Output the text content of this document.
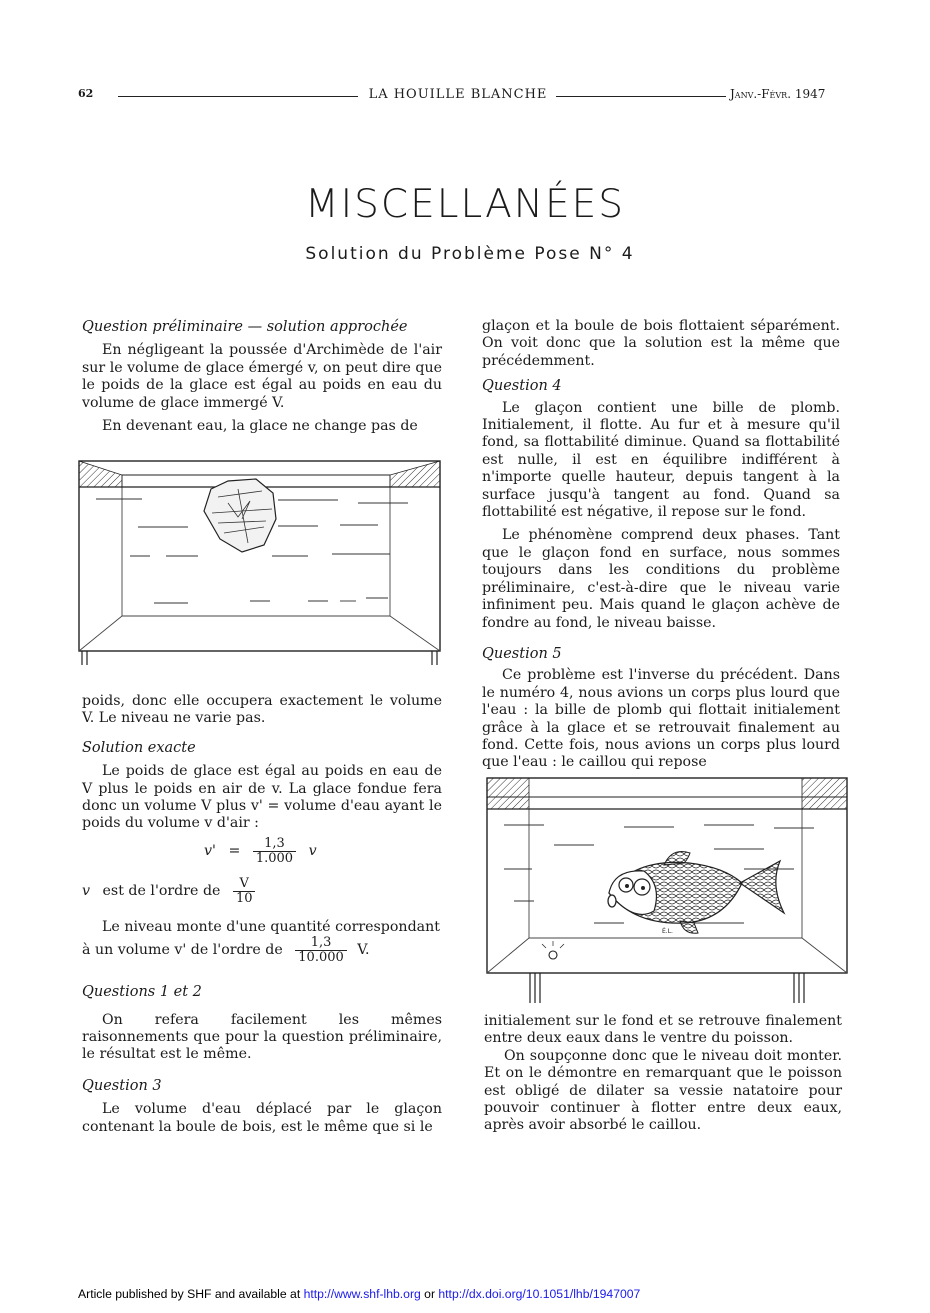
62	LA HOUILLE BLANCHE	Janv.-Févr. 1947
MISCELLANÉES
Solution du Problème Pose N° 4
Question préliminaire — solution approchée

En négligeant la poussée d'Archimède de l'air sur le volume de glace émergé v, on peut dire que le poids de la glace est égal au poids en eau du volume de glace immergé V.

En devenant eau, la glace ne change pas de

poids, donc elle occupera exactement le volume V. Le niveau ne varie pas.

Solution exacte

Le poids de glace est égal au poids en eau de V plus le poids en air de v. La glace fondue fera donc un volume V plus v' = volume d'eau ayant le poids du volume v d'air :

$v' = \frac{1,3}{1.000}$ v
v est de l'ordre de $\frac{V}{10}$

Le niveau monte d'une quantité correspondant

à un volume v' de l'ordre de $\frac{1,3}{10.000} V$.
Questions 1 et 2

On refera facilement les mêmes raisonnements que pour la question préliminaire, le résultat est le même.

Question 3

Le volume d'eau déplacé par le glaçon contenant la boule de bois, est le même que si le

glaçon et la boule de bois flottaient séparément. On voit donc que la solution est la même que précédemment.

Question 4

Le glaçon contient une bille de plomb. Initialement, il flotte. Au fur et à mesure qu'il fond, sa flottabilité diminue. Quand sa flottabilité est nulle, il est en équilibre indifférent à n'importe quelle hauteur, depuis tangent à la surface jusqu'à tangent au fond. Quand sa flottabilité est négative, il repose sur le fond.

Le phénomène comprend deux phases. Tant que le glaçon fond en surface, nous sommes toujours dans les conditions du problème préliminaire, c'est-à-dire que le niveau varie infiniment peu. Mais quand le glaçon achève de fondre au fond, le niveau baisse.

Question 5

Ce problème est l'inverse du précédent. Dans le numéro 4, nous avions un corps plus lourd que l'eau : la bille de plomb qui flottait initialement grâce à la glace et se retrouvait finalement au fond. Cette fois, nous avions un corps plus lourd que l'eau : le caillou qui repose

É.L.

initialement sur le fond et se retrouve finalement entre deux eaux dans le ventre du poisson.

On soupçonne donc que le niveau doit monter. Et on le démontre en remarquant que le poisson est obligé de dilater sa vessie natatoire pour pouvoir continuer à flotter entre deux eaux, après avoir absorbé le caillou.

Article published by SHF and available at http://www.shf-lhb.org or http://dx.doi.org/10.1051/lhb/1947007
